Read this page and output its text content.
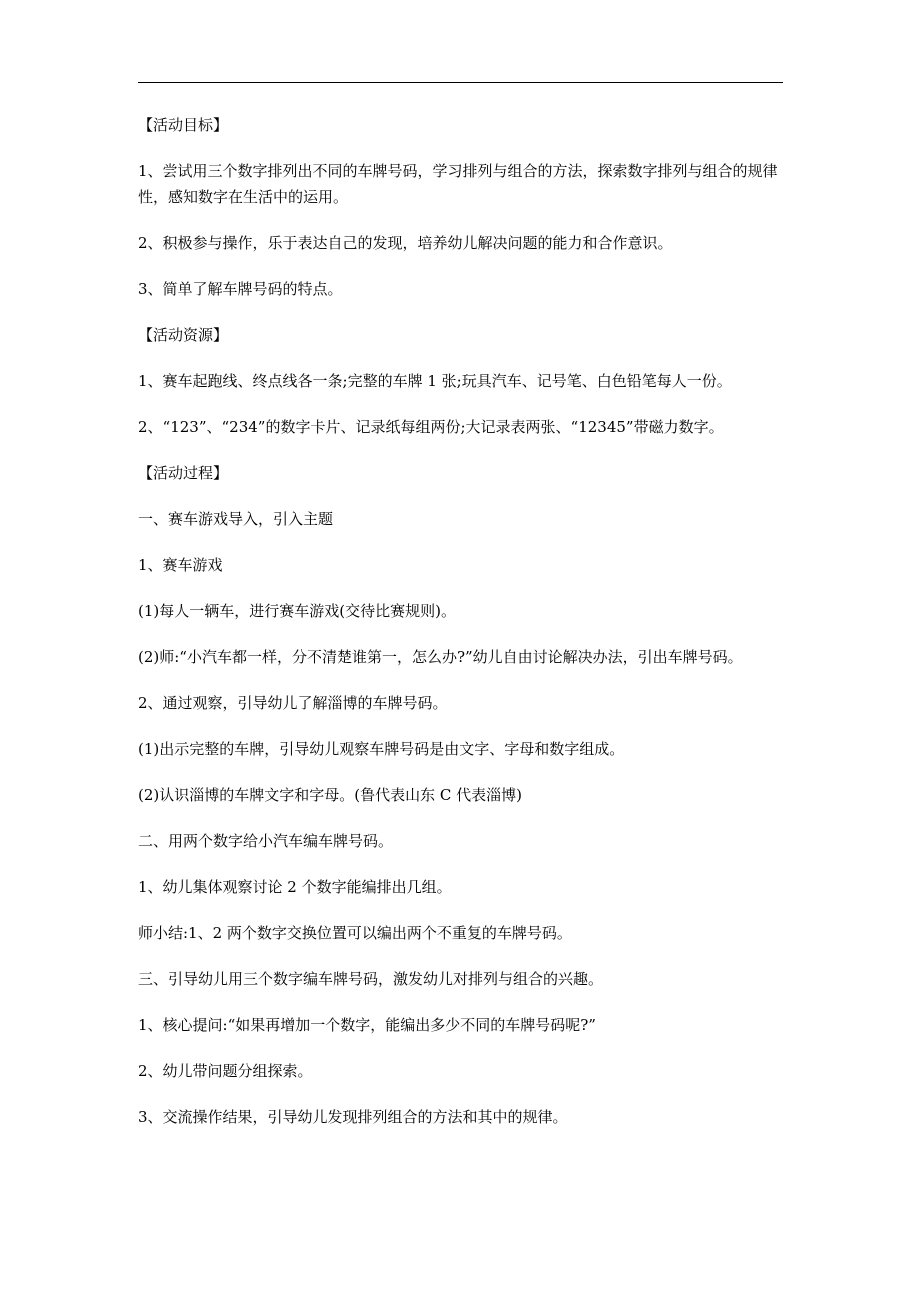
【活动目标】

1、尝试用三个数字排列出不同的车牌号码，学习排列与组合的方法，探索数字排列与组合的规律性，感知数字在生活中的运用。

2、积极参与操作，乐于表达自己的发现，培养幼儿解决问题的能力和合作意识。

3、简单了解车牌号码的特点。

【活动资源】

1、赛车起跑线、终点线各一条;完整的车牌 1 张;玩具汽车、记号笔、白色铅笔每人一份。

2、“123”、“234”的数字卡片、记录纸每组两份;大记录表两张、“12345”带磁力数字。

【活动过程】

一、赛车游戏导入，引入主题

1、赛车游戏

(1)每人一辆车，进行赛车游戏(交待比赛规则)。

(2)师:“小汽车都一样，分不清楚谁第一，怎么办?”幼儿自由讨论解决办法，引出车牌号码。

2、通过观察，引导幼儿了解淄博的车牌号码。

(1)出示完整的车牌，引导幼儿观察车牌号码是由文字、字母和数字组成。

(2)认识淄博的车牌文字和字母。(鲁代表山东 C 代表淄博)

二、用两个数字给小汽车编车牌号码。

1、幼儿集体观察讨论 2 个数字能编排出几组。

师小结:1、2 两个数字交换位置可以编出两个不重复的车牌号码。

三、引导幼儿用三个数字编车牌号码，激发幼儿对排列与组合的兴趣。

1、核心提问:“如果再增加一个数字，能编出多少不同的车牌号码呢?”

2、幼儿带问题分组探索。

3、交流操作结果，引导幼儿发现排列组合的方法和其中的规律。
